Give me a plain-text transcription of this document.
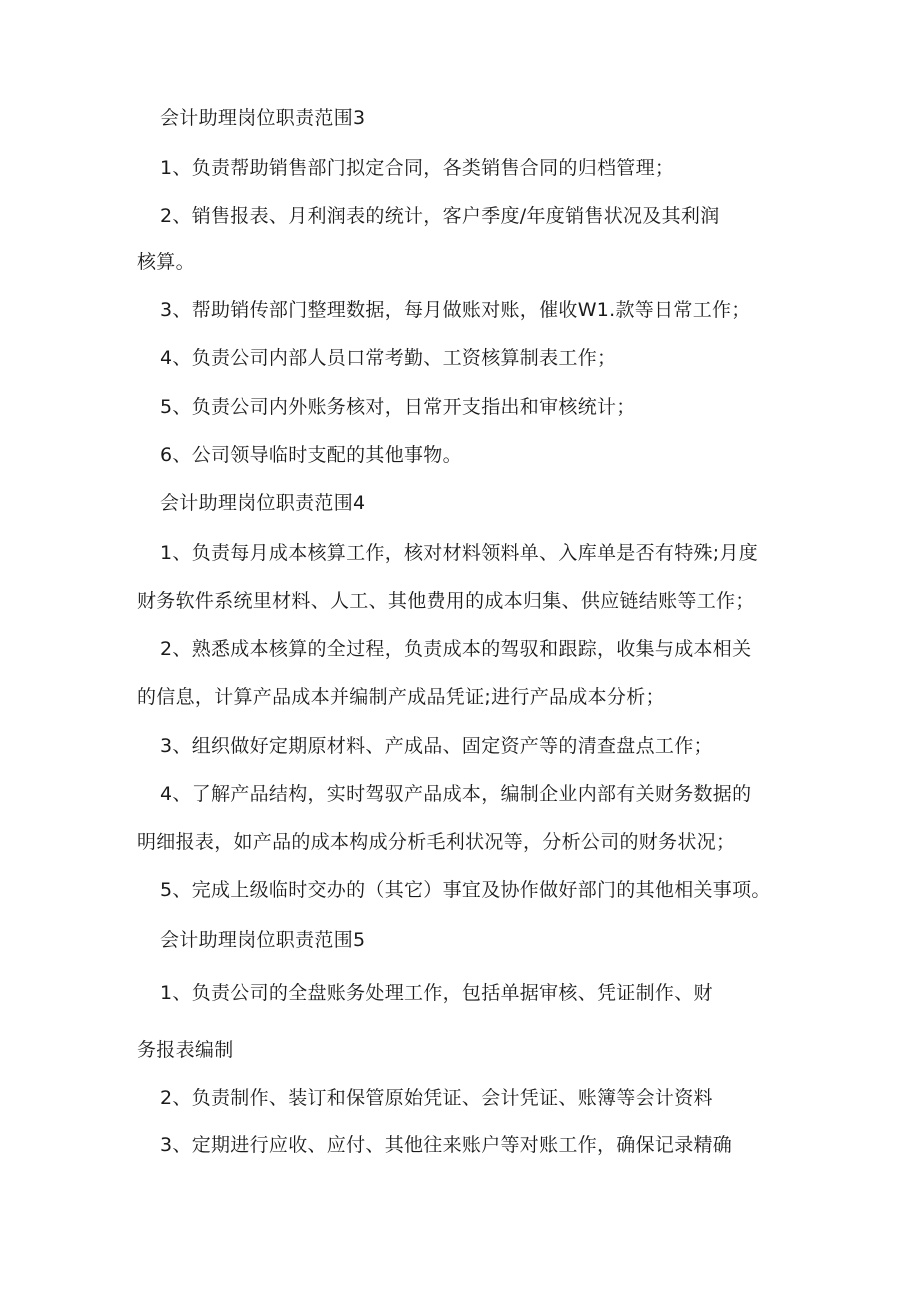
会计助理岗位职责范围3
1、负责帮助销售部门拟定合同，各类销售合同的归档管理；
2、销售报表、月利润表的统计，客户季度/年度销售状况及其利润
核算。
3、帮助销传部门整理数据，每月做账对账，催收W1.款等日常工作；
4、负责公司内部人员口常考勤、工资核算制表工作；
5、负责公司内外账务核对，日常开支指出和审核统计；
6、公司领导临时支配的其他事物。
会计助理岗位职责范围4
1、负责每月成本核算工作，核对材料领料单、入库单是否有特殊;月度
财务软件系统里材料、人工、其他费用的成本归集、供应链结账等工作；
2、熟悉成本核算的全过程，负责成本的驾驭和跟踪，收集与成本相关
的信息，计算产品成本并编制产成品凭证;进行产品成本分析；
3、组织做好定期原材料、产成品、固定资产等的清查盘点工作；
4、了解产品结构，实时驾驭产品成本，编制企业内部有关财务数据的
明细报表，如产品的成本构成分析毛利状况等，分析公司的财务状况；
5、完成上级临时交办的（其它）事宜及协作做好部门的其他相关事项。
会计助理岗位职责范围5
1、负责公司的全盘账务处理工作，包括单据审核、凭证制作、财
务报表编制
2、负责制作、装订和保管原始凭证、会计凭证、账簿等会计资料
3、定期进行应收、应付、其他往来账户等对账工作，确保记录精确
